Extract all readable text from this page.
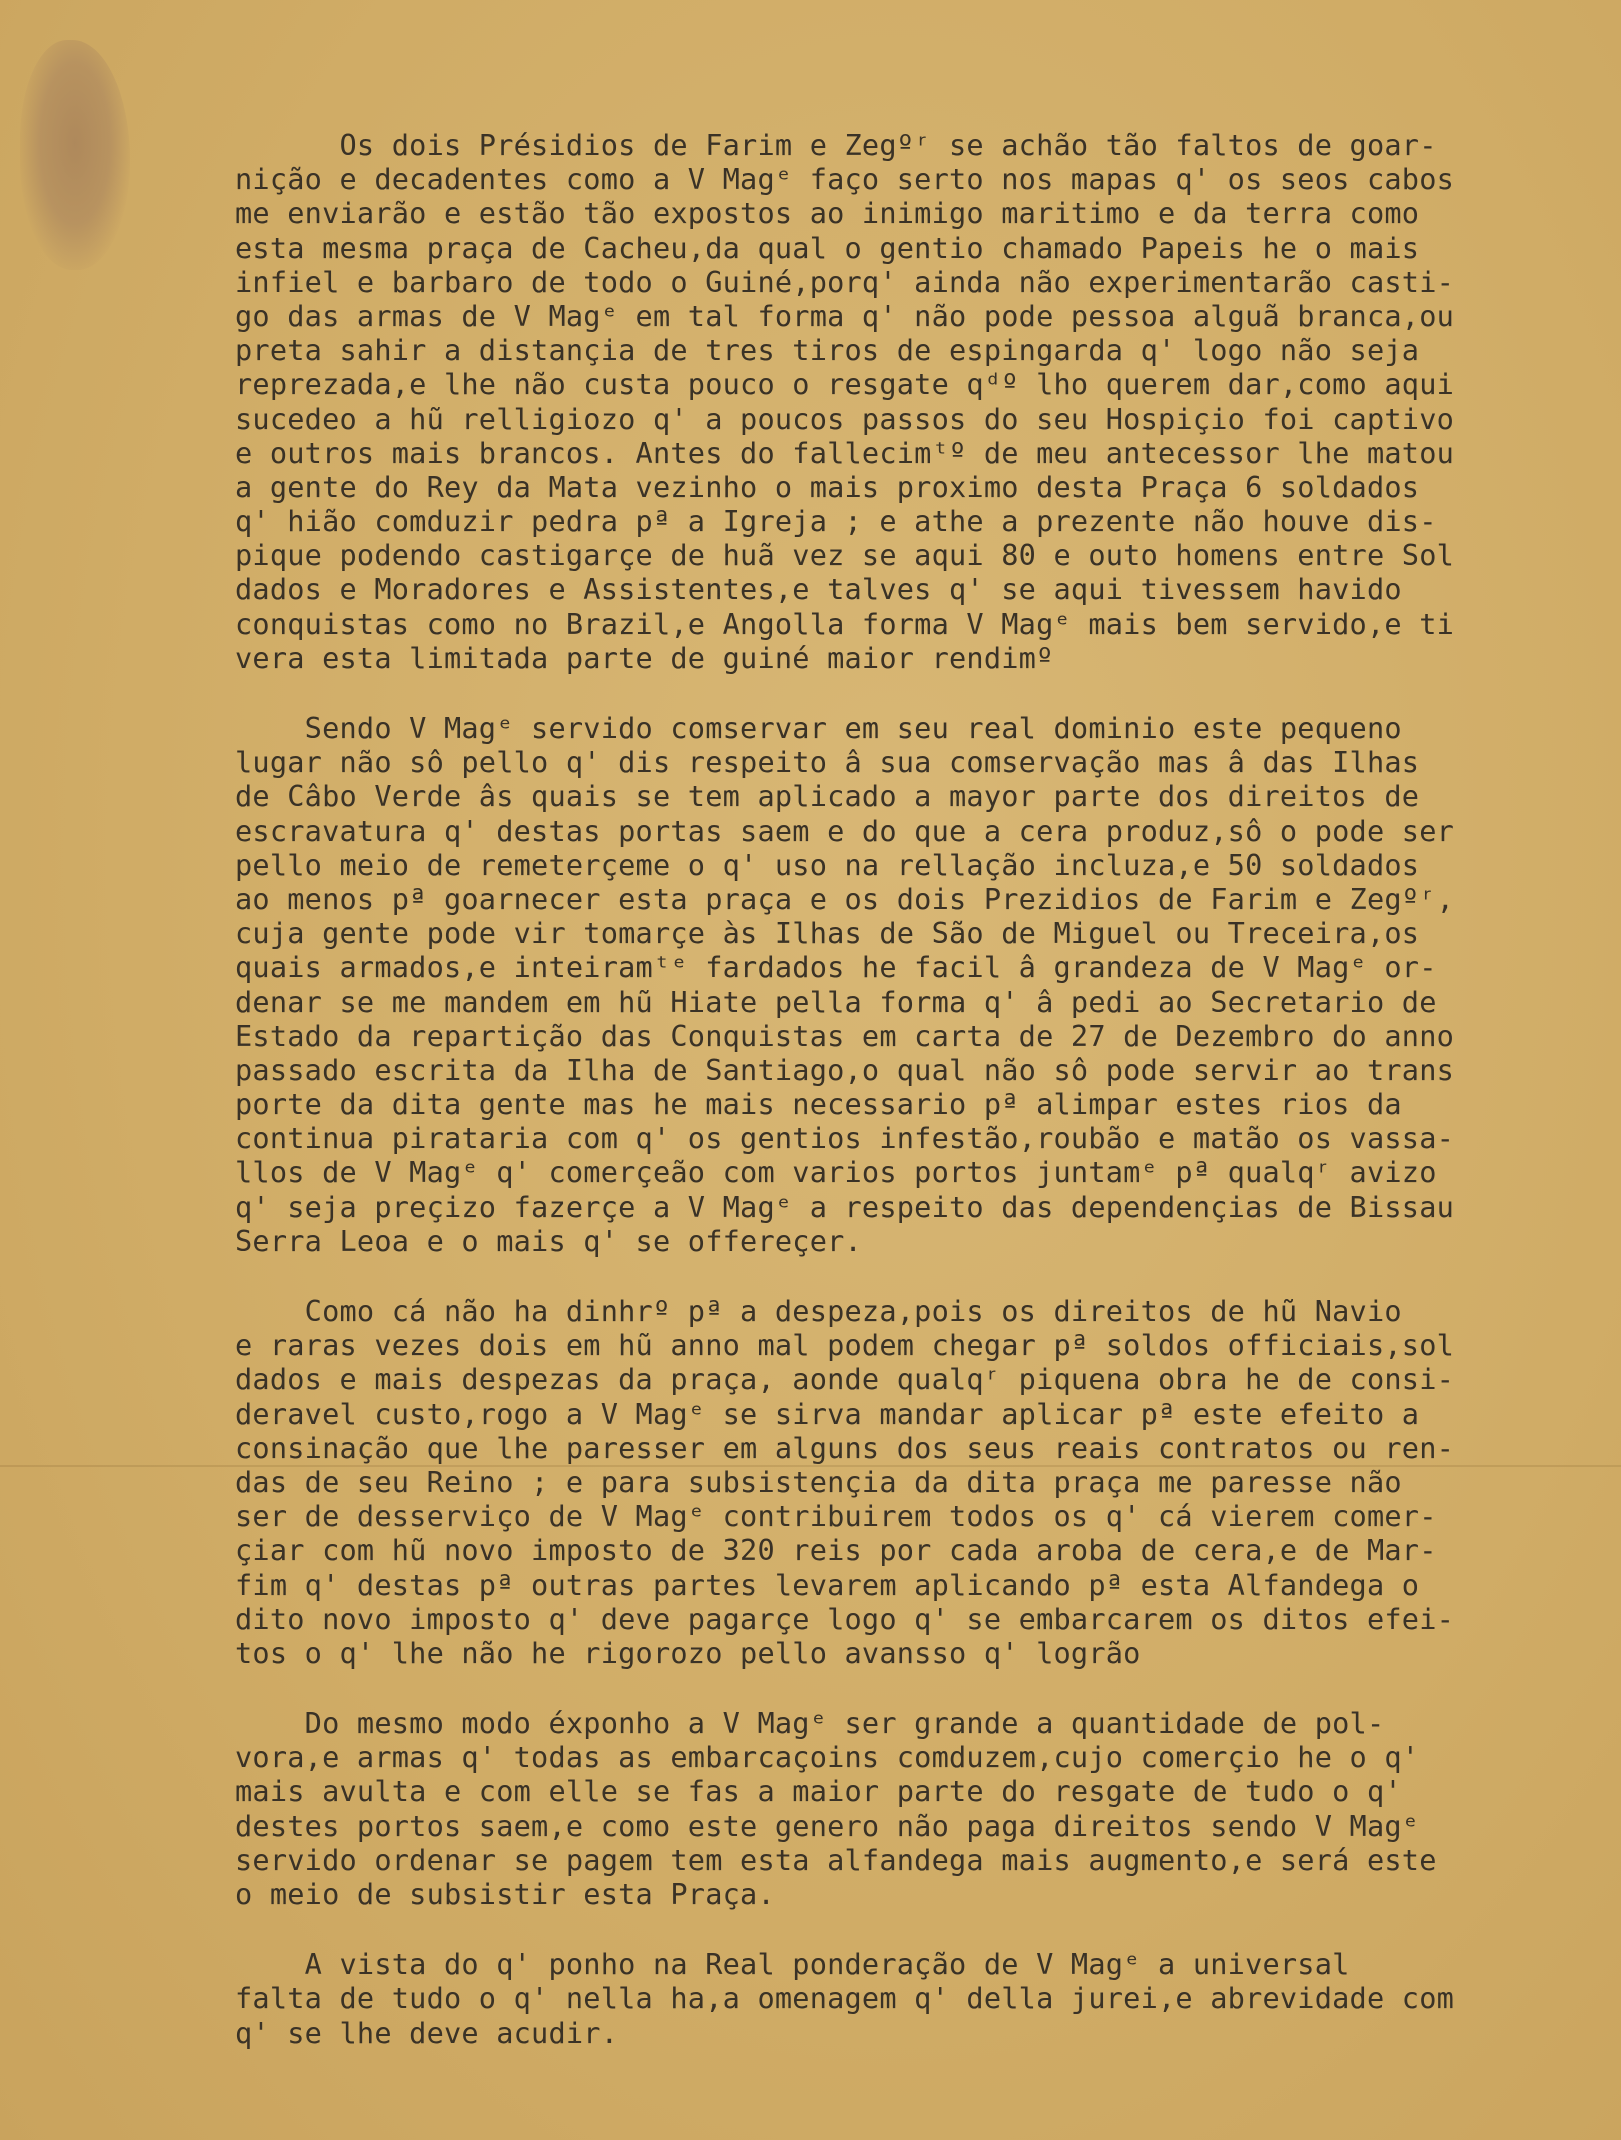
Os dois Présidios de Farim e Zegºʳ se achão tão faltos de goar-
nição e decadentes como a V Magᵉ faço serto nos mapas q' os seos cabos
me enviarão e estão tão expostos ao inimigo maritimo e da terra como
esta mesma praça de Cacheu,da qual o gentio chamado Papeis he o mais
infiel e barbaro de todo o Guiné,porq' ainda não experimentarão casti-
go das armas de V Magᵉ em tal forma q' não pode pessoa alguã branca,ou
preta sahir a distançia de tres tiros de espingarda q' logo não seja
reprezada,e lhe não custa pouco o resgate qᵈº lho querem dar,como aqui
sucedeo a hũ relligiozo q' a poucos passos do seu Hospiçio foi captivo
e outros mais brancos. Antes do fallecimᵗº de meu antecessor lhe matou
a gente do Rey da Mata vezinho o mais proximo desta Praça 6 soldados
q' hião comduzir pedra pª a Igreja ; e athe a prezente não houve dis-
pique podendo castigarçe de huã vez se aqui 80 e outo homens entre Sol
dados e Moradores e Assistentes,e talves q' se aqui tivessem havido
conquistas como no Brazil,e Angolla forma V Magᵉ mais bem servido,e ti
vera esta limitada parte de guiné maior rendimº
Sendo V Magᵉ servido comservar em seu real dominio este pequeno
lugar não sô pello q' dis respeito â sua comservação mas â das Ilhas
de Câbo Verde âs quais se tem aplicado a mayor parte dos direitos de
escravatura q' destas portas saem e do que a cera produz,sô o pode ser
pello meio de remeterçeme o q' uso na rellação incluza,e 50 soldados
ao menos pª goarnecer esta praça e os dois Prezidios de Farim e Zegºʳ,
cuja gente pode vir tomarçe às Ilhas de São de Miguel ou Treceira,os
quais armados,e inteiramᵗᵉ fardados he facil â grandeza de V Magᵉ or-
denar se me mandem em hũ Hiate pella forma q' â pedi ao Secretario de
Estado da repartição das Conquistas em carta de 27 de Dezembro do anno
passado escrita da Ilha de Santiago,o qual não sô pode servir ao trans
porte da dita gente mas he mais necessario pª alimpar estes rios da
continua pirataria com q' os gentios infestão,roubão e matão os vassa-
llos de V Magᵉ q' comerçeão com varios portos juntamᵉ pª qualqʳ avizo
q' seja preçizo fazerçe a V Magᵉ a respeito das dependençias de Bissau
Serra Leoa e o mais q' se offereçer.
Como cá não ha dinhrº pª a despeza,pois os direitos de hũ Navio
e raras vezes dois em hũ anno mal podem chegar pª soldos officiais,sol
dados e mais despezas da praça, aonde qualqʳ piquena obra he de consi-
deravel custo,rogo a V Magᵉ se sirva mandar aplicar pª este efeito a
consinação que lhe paresser em alguns dos seus reais contratos ou ren-
das de seu Reino ; e para subsistençia da dita praça me paresse não
ser de desserviço de V Magᵉ contribuirem todos os q' cá vierem comer-
çiar com hũ novo imposto de 320 reis por cada aroba de cera,e de Mar-
fim q' destas pª outras partes levarem aplicando pª esta Alfandega o
dito novo imposto q' deve pagarçe logo q' se embarcarem os ditos efei-
tos o q' lhe não he rigorozo pello avansso q' logrão
Do mesmo modo éxponho a V Magᵉ ser grande a quantidade de pol-
vora,e armas q' todas as embarcaçoins comduzem,cujo comerçio he o q'
mais avulta e com elle se fas a maior parte do resgate de tudo o q'
destes portos saem,e como este genero não paga direitos sendo V Magᵉ
servido ordenar se pagem tem esta alfandega mais augmento,e será este
o meio de subsistir esta Praça.
A vista do q' ponho na Real ponderação de V Magᵉ a universal
falta de tudo o q' nella ha,a omenagem q' della jurei,e abrevidade com
q' se lhe deve acudir.
